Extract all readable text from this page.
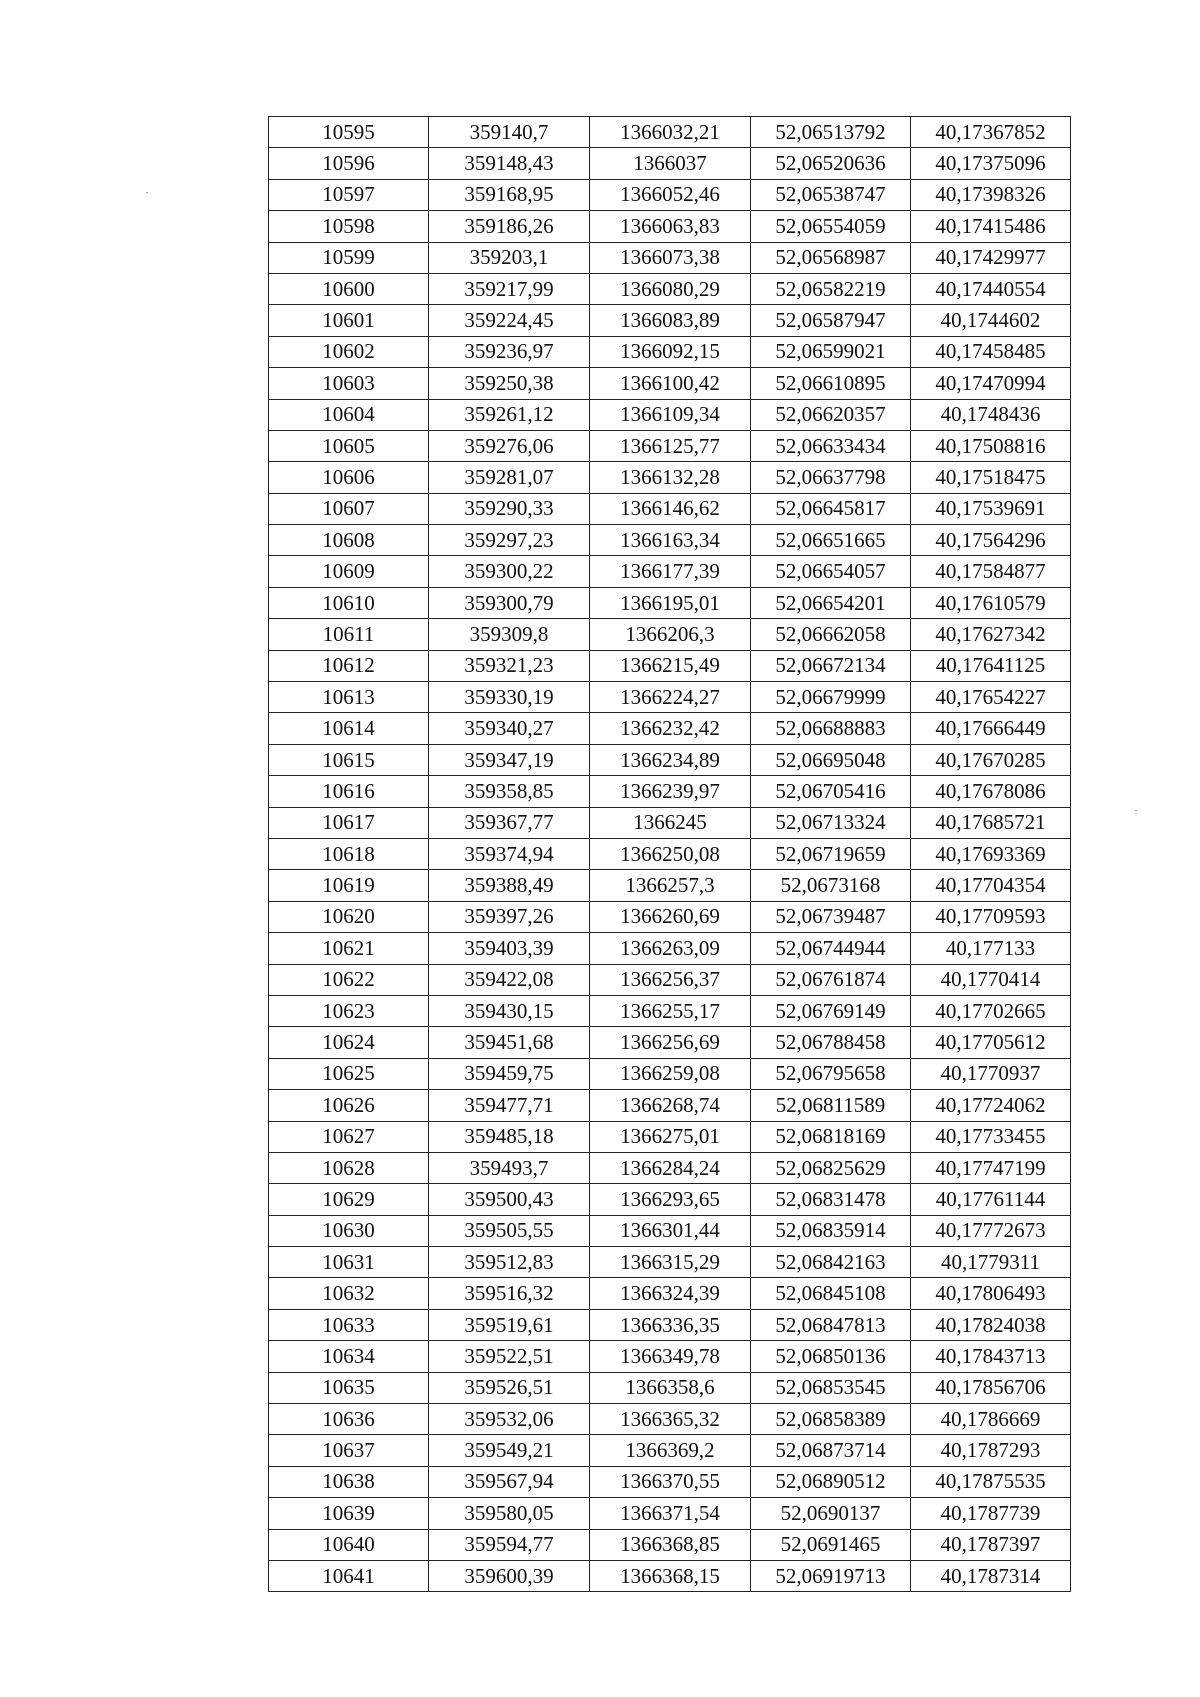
10595	359140,7	1366032,21	52,06513792	40,17367852
10596	359148,43	1366037	52,06520636	40,17375096
10597	359168,95	1366052,46	52,06538747	40,17398326
10598	359186,26	1366063,83	52,06554059	40,17415486
10599	359203,1	1366073,38	52,06568987	40,17429977
10600	359217,99	1366080,29	52,06582219	40,17440554
10601	359224,45	1366083,89	52,06587947	40,1744602
10602	359236,97	1366092,15	52,06599021	40,17458485
10603	359250,38	1366100,42	52,06610895	40,17470994
10604	359261,12	1366109,34	52,06620357	40,1748436
10605	359276,06	1366125,77	52,06633434	40,17508816
10606	359281,07	1366132,28	52,06637798	40,17518475
10607	359290,33	1366146,62	52,06645817	40,17539691
10608	359297,23	1366163,34	52,06651665	40,17564296
10609	359300,22	1366177,39	52,06654057	40,17584877
10610	359300,79	1366195,01	52,06654201	40,17610579
10611	359309,8	1366206,3	52,06662058	40,17627342
10612	359321,23	1366215,49	52,06672134	40,17641125
10613	359330,19	1366224,27	52,06679999	40,17654227
10614	359340,27	1366232,42	52,06688883	40,17666449
10615	359347,19	1366234,89	52,06695048	40,17670285
10616	359358,85	1366239,97	52,06705416	40,17678086
10617	359367,77	1366245	52,06713324	40,17685721
10618	359374,94	1366250,08	52,06719659	40,17693369
10619	359388,49	1366257,3	52,0673168	40,17704354
10620	359397,26	1366260,69	52,06739487	40,17709593
10621	359403,39	1366263,09	52,06744944	40,177133
10622	359422,08	1366256,37	52,06761874	40,1770414
10623	359430,15	1366255,17	52,06769149	40,17702665
10624	359451,68	1366256,69	52,06788458	40,17705612
10625	359459,75	1366259,08	52,06795658	40,1770937
10626	359477,71	1366268,74	52,06811589	40,17724062
10627	359485,18	1366275,01	52,06818169	40,17733455
10628	359493,7	1366284,24	52,06825629	40,17747199
10629	359500,43	1366293,65	52,06831478	40,17761144
10630	359505,55	1366301,44	52,06835914	40,17772673
10631	359512,83	1366315,29	52,06842163	40,1779311
10632	359516,32	1366324,39	52,06845108	40,17806493
10633	359519,61	1366336,35	52,06847813	40,17824038
10634	359522,51	1366349,78	52,06850136	40,17843713
10635	359526,51	1366358,6	52,06853545	40,17856706
10636	359532,06	1366365,32	52,06858389	40,1786669
10637	359549,21	1366369,2	52,06873714	40,1787293
10638	359567,94	1366370,55	52,06890512	40,17875535
10639	359580,05	1366371,54	52,0690137	40,1787739
10640	359594,77	1366368,85	52,0691465	40,1787397
10641	359600,39	1366368,15	52,06919713	40,1787314
